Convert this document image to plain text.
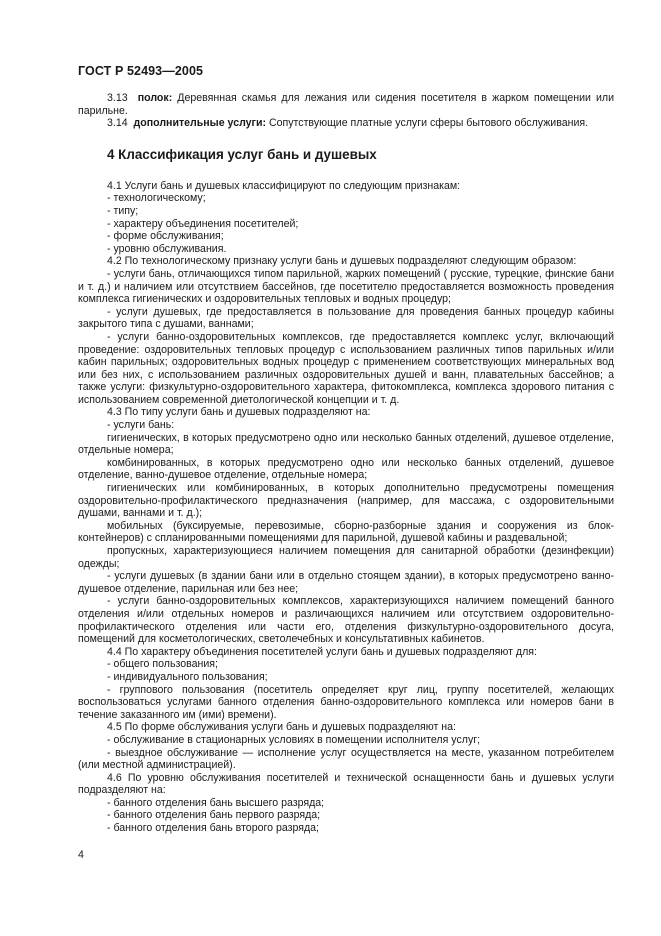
ГОСТ Р 52493—2005

3.13 полок: Деревянная скамья для лежания или сидения посетителя в жарком помещении или парильне.

3.14 дополнительные услуги: Сопутствующие платные услуги сферы бытового обслуживания.

4 Классификация услуг бань и душевых

4.1 Услуги бань и душевых классифицируют по следующим признакам:

- технологическому;

- типу;

- характеру объединения посетителей;

- форме обслуживания;

- уровню обслуживания.

4.2 По технологическому признаку услуги бань и душевых подразделяют следующим образом:

- услуги бань, отличающихся типом парильной, жарких помещений ( русские, турецкие, финские бани и т. д.) и наличием или отсутствием бассейнов, где посетителю предоставляется возможность проведения комплекса гигиенических и оздоровительных тепловых и водных процедур;

- услуги душевых, где предоставляется в пользование для проведения банных процедур кабины закрытого типа с душами, ваннами;

- услуги банно-оздоровительных комплексов, где предоставляется комплекс услуг, включающий проведение: оздоровительных тепловых процедур с использованием различных типов парильных и/или кабин парильных; оздоровительных водных процедур с применением соответствующих минеральных вод или без них, с использованием различных оздоровительных душей и ванн, плавательных бассейнов; а также услуги: физкультурно-оздоровительного характера, фитокомплекса, комплекса здорового питания с использованием современной диетологической концепции и т. д.

4.3 По типу услуги бань и душевых подразделяют на:

- услуги бань:

гигиенических, в которых предусмотрено одно или несколько банных отделений, душевое отделение, отдельные номера;

комбинированных, в которых предусмотрено одно или несколько банных отделений, душевое отделение, ванно-душевое отделение, отдельные номера;

гигиенических или комбинированных, в которых дополнительно предусмотрены помещения оздоровительно-профилактического предназначения (например, для массажа, с оздоровительными душами, ваннами и т. д.);

мобильных (буксируемые, перевозимые, сборно-разборные здания и сооружения из блок-контейнеров) с спланированными помещениями для парильной, душевой кабины и раздевальной;

пропускных, характеризующиеся наличием помещения для санитарной обработки (дезинфекции) одежды;

- услуги душевых (в здании бани или в отдельно стоящем здании), в которых предусмотрено ванно-душевое отделение, парильная или без нее;

- услуги банно-оздоровительных комплексов, характеризующихся наличием помещений банного отделения и/или отдельных номеров и различающихся наличием или отсутствием оздоровительно-профилактического отделения или части его, отделения физкультурно-оздоровительного досуга, помещений для косметологических, светолечебных и консультативных кабинетов.

4.4 По характеру объединения посетителей услуги бань и душевых подразделяют для:

- общего пользования;

- индивидуального пользования;

- группового пользования (посетитель определяет круг лиц, группу посетителей, желающих воспользоваться услугами банного отделения банно-оздоровительного комплекса или номеров бани в течение заказанного им (ими) времени).

4.5 По форме обслуживания услуги бань и душевых подразделяют на:

- обслуживание в стационарных условиях в помещении исполнителя услуг;

- выездное обслуживание — исполнение услуг осуществляется на месте, указанном потребителем (или местной администрацией).

4.6 По уровню обслуживания посетителей и технической оснащенности бань и душевых услуги подразделяют на:

- банного отделения бань высшего разряда;

- банного отделения бань первого разряда;

- банного отделения бань второго разряда;

4
